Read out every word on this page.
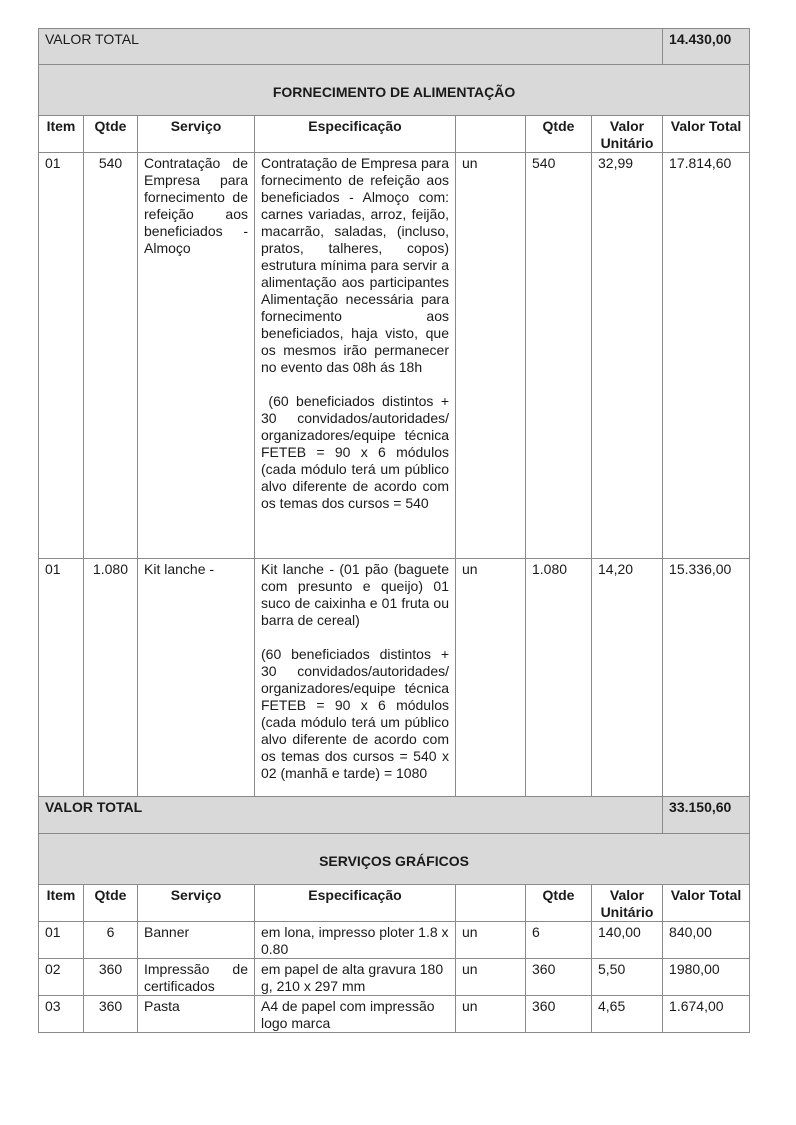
VALOR TOTAL							14.430,00
FORNECIMENTO DE ALIMENTAÇÃO							
Item	Qtde	Serviço	Especificação		Qtde	Valor Unitário	Valor Total
01	540	Contratação de Empresa para fornecimento de refeição aos beneficiados - Almoço	Contratação de Empresa para fornecimento de refeição aos beneficiados - Almoço com: carnes variadas, arroz, feijão, macarrão, saladas, (incluso, pratos, talheres, copos) estrutura mínima para servir a alimentação aos participantes Alimentação necessária para fornecimento aos beneficiados, haja visto, que os mesmos irão permanecer no evento das 08h ás 18h
(60 beneficiados distintos + 30 convidados/autoridades/ organizadores/equipe técnica FETEB = 90 x 6 módulos (cada módulo terá um público alvo diferente de acordo com os temas dos cursos = 540	un	540	32,99	17.814,60
01	1.080	Kit lanche -	Kit lanche - (01 pão (baguete com presunto e queijo) 01 suco de caixinha e 01 fruta ou barra de cereal)
(60 beneficiados distintos + 30 convidados/autoridades/ organizadores/equipe técnica FETEB = 90 x 6 módulos (cada módulo terá um público alvo diferente de acordo com os temas dos cursos = 540 x 02 (manhã e tarde) = 1080	un	1.080	14,20	15.336,00
VALOR TOTAL							33.150,60
SERVIÇOS GRÁFICOS							
Item	Qtde	Serviço	Especificação		Qtde	Valor Unitário	Valor Total
01	6	Banner	em lona, impresso ploter 1.8 x 0.80	un	6	140,00	840,00
02	360	Impressão de certificados	em papel de alta gravura 180 g, 210 x 297 mm	un	360	5,50	1980,00
03	360	Pasta	A4 de papel com impressão logo marca	un	360	4,65	1.674,00
